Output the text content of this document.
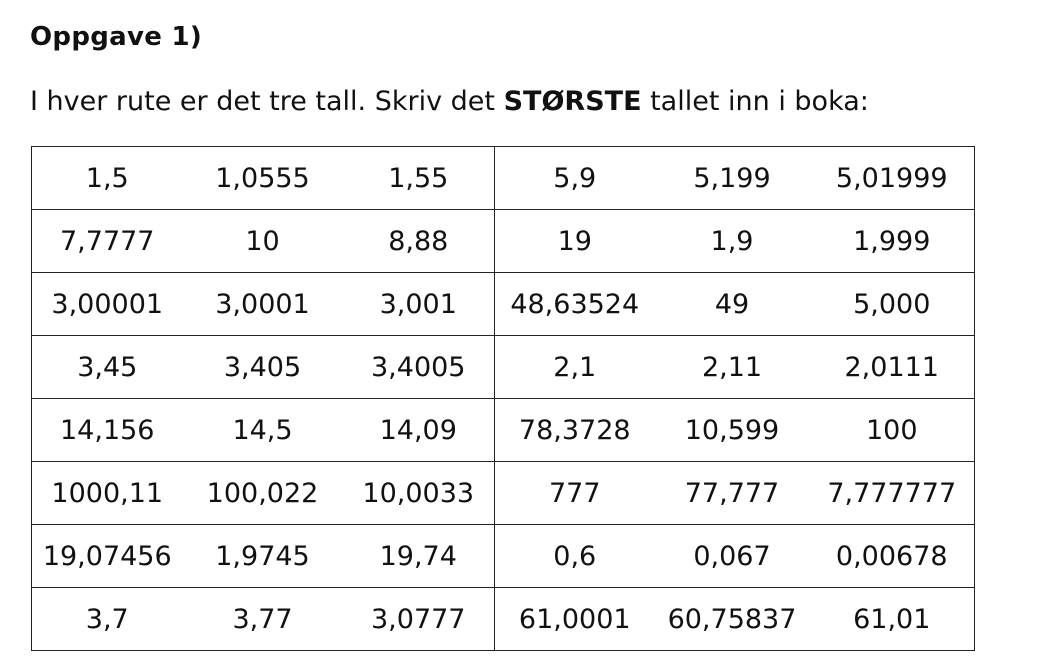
Oppgave 1)
I hver rute er det tre tall. Skriv det STØRSTE tallet inn i boka:
1,5	1,0555	1,55	5,9	5,199	5,01999
7,7777	10	8,88	19	1,9	1,999
3,00001	3,0001	3,001	48,63524	49	5,000
3,45	3,405	3,4005	2,1	2,11	2,0111
14,156	14,5	14,09	78,3728	10,599	100
1000,11	100,022	10,0033	777	77,777	7,777777
19,07456	1,9745	19,74	0,6	0,067	0,00678
3,7	3,77	3,0777	61,0001	60,75837	61,01
